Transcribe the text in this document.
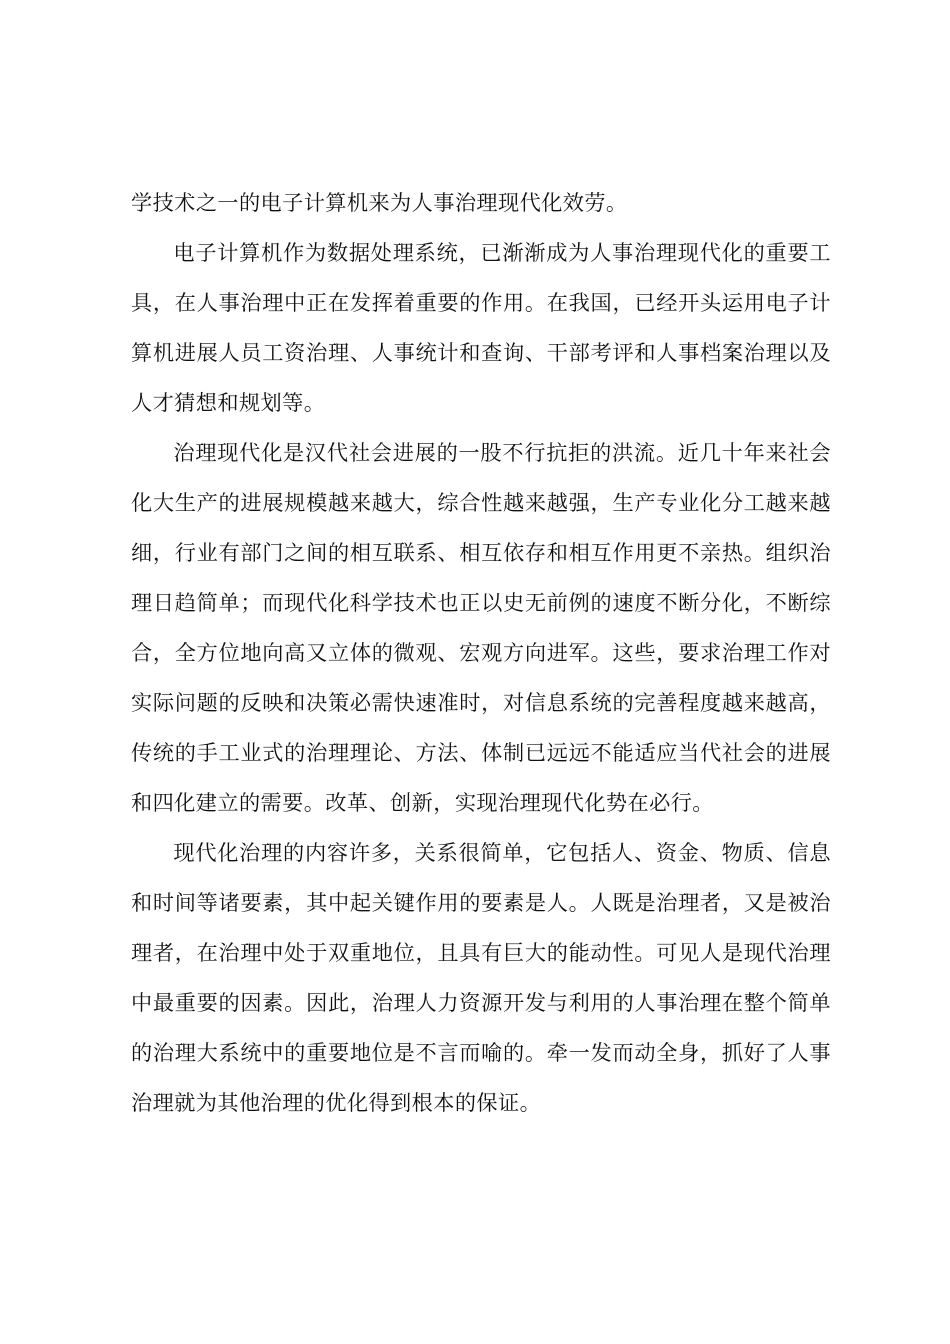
学技术之一的电子计算机来为人事治理现代化效劳。

电子计算机作为数据处理系统，已渐渐成为人事治理现代化的重要工具，在人事治理中正在发挥着重要的作用。在我国，已经开头运用电子计算机进展人员工资治理、人事统计和查询、干部考评和人事档案治理以及人才猜想和规划等。

治理现代化是汉代社会进展的一股不行抗拒的洪流。近几十年来社会化大生产的进展规模越来越大，综合性越来越强，生产专业化分工越来越细，行业有部门之间的相互联系、相互依存和相互作用更不亲热。组织治理日趋简单；而现代化科学技术也正以史无前例的速度不断分化，不断综合，全方位地向高又立体的微观、宏观方向进军。这些，要求治理工作对实际问题的反映和决策必需快速准时，对信息系统的完善程度越来越高，传统的手工业式的治理理论、方法、体制已远远不能适应当代社会的进展和四化建立的需要。改革、创新，实现治理现代化势在必行。

现代化治理的内容许多，关系很简单，它包括人、资金、物质、信息和时间等诸要素，其中起关键作用的要素是人。人既是治理者，又是被治理者，在治理中处于双重地位，且具有巨大的能动性。可见人是现代治理中最重要的因素。因此，治理人力资源开发与利用的人事治理在整个简单的治理大系统中的重要地位是不言而喻的。牵一发而动全身，抓好了人事治理就为其他治理的优化得到根本的保证。
